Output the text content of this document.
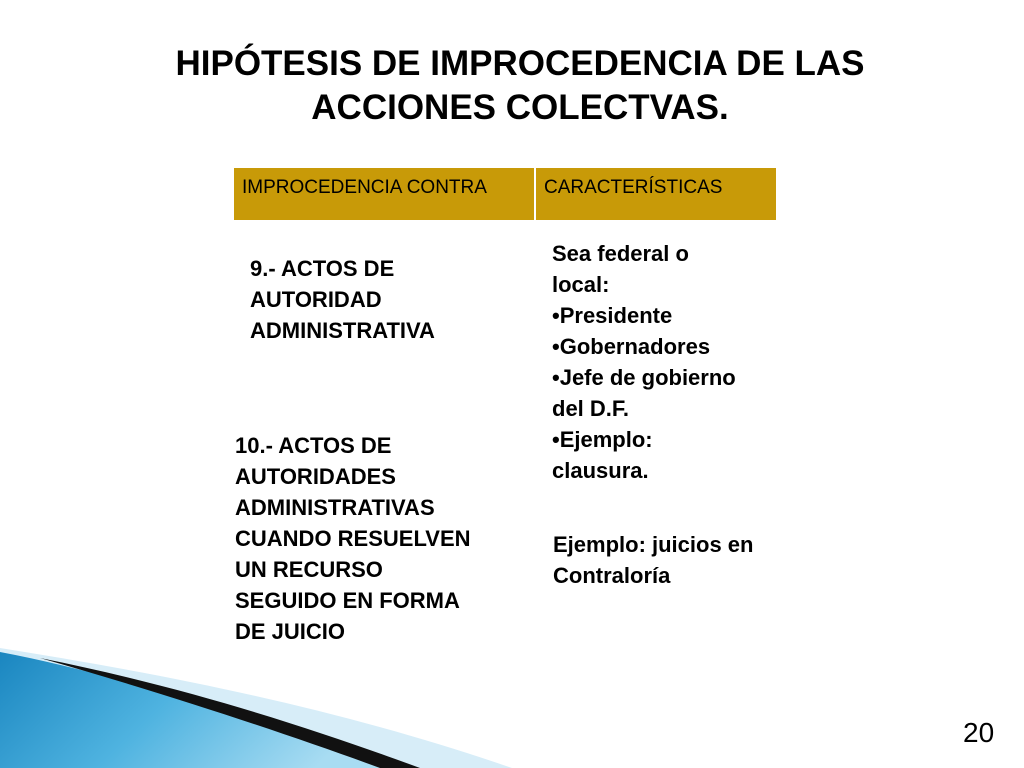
HIPÓTESIS DE IMPROCEDENCIA DE LAS
ACCIONES COLECTVAS.
IMPROCEDENCIA CONTRA	CARACTERÍSTICAS
9.- ACTOS DE
AUTORIDAD
ADMINISTRATIVA
Sea federal o
local:
•Presidente
•Gobernadores
•Jefe de gobierno
del D.F.
•Ejemplo:
clausura.
10.- ACTOS DE
AUTORIDADES
ADMINISTRATIVAS
CUANDO RESUELVEN
UN RECURSO
SEGUIDO EN FORMA
DE JUICIO
Ejemplo: juicios en
Contraloría
20
